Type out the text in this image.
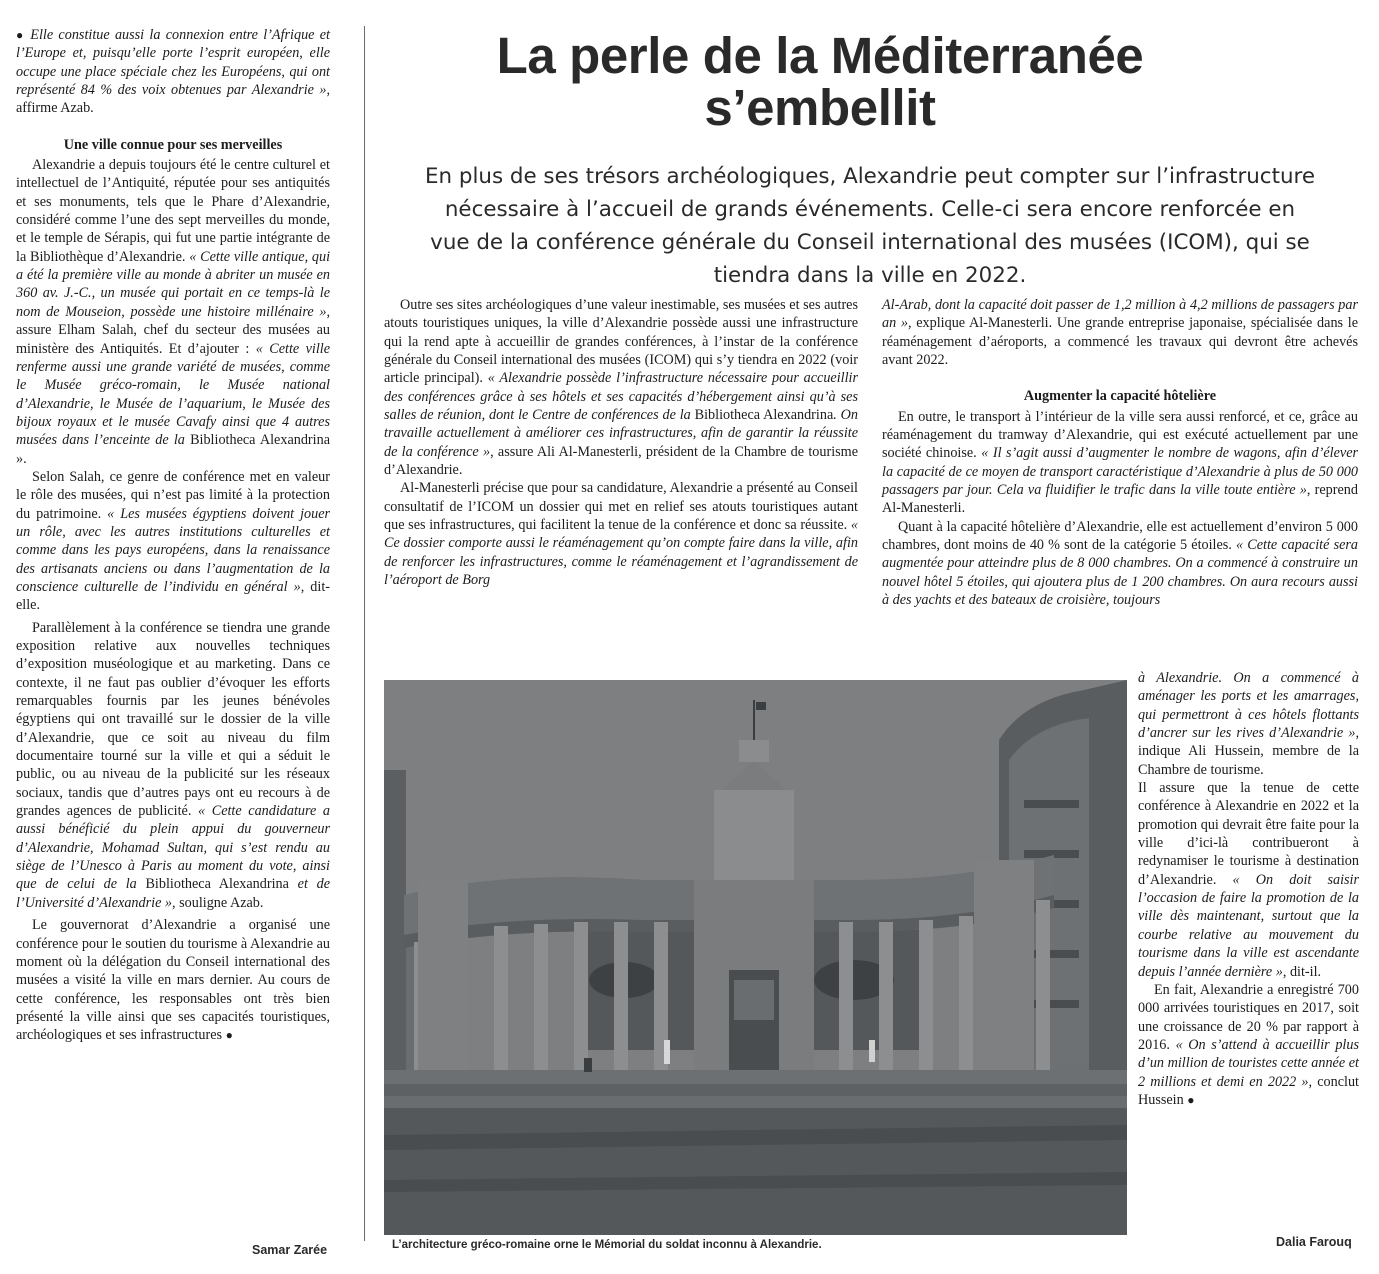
● Elle constitue aussi la connexion entre l’Afrique et l’Europe et, puisqu’elle porte l’esprit européen, elle occupe une place spéciale chez les Européens, qui ont représenté 84 % des voix obtenues par Alexandrie », affirme Azab.

Une ville connue pour ses merveilles

Alexandrie a depuis toujours été le centre culturel et intellectuel de l’Antiquité, réputée pour ses antiquités et ses monuments, tels que le Phare d’Alexandrie, considéré comme l’une des sept merveilles du monde, et le temple de Sérapis, qui fut une partie intégrante de la Bibliothèque d’Alexandrie. « Cette ville antique, qui a été la première ville au monde à abriter un musée en 360 av. J.-C., un musée qui portait en ce temps-là le nom de Mouseion, possède une histoire millénaire », assure Elham Salah, chef du secteur des musées au ministère des Antiquités. Et d’ajouter : « Cette ville renferme aussi une grande variété de musées, comme le Musée gréco-romain, le Musée national d’Alexandrie, le Musée de l’aquarium, le Musée des bijoux royaux et le musée Cavafy ainsi que 4 autres musées dans l’enceinte de la Bibliotheca Alexandrina ».

Selon Salah, ce genre de conférence met en valeur le rôle des musées, qui n’est pas limité à la protection du patrimoine. « Les musées égyptiens doivent jouer un rôle, avec les autres institutions culturelles et comme dans les pays européens, dans la renaissance des artisanats anciens ou dans l’augmentation de la conscience culturelle de l’individu en général », dit-elle.

Parallèlement à la conférence se tiendra une grande exposition relative aux nouvelles techniques d’exposition muséologique et au marketing. Dans ce contexte, il ne faut pas oublier d’évoquer les efforts remarquables fournis par les jeunes bénévoles égyptiens qui ont travaillé sur le dossier de la ville d’Alexandrie, que ce soit au niveau du film documentaire tourné sur la ville et qui a séduit le public, ou au niveau de la publicité sur les réseaux sociaux, tandis que d’autres pays ont eu recours à de grandes agences de publicité. « Cette candidature a aussi bénéficié du plein appui du gouverneur d’Alexandrie, Mohamad Sultan, qui s’est rendu au siège de l’Unesco à Paris au moment du vote, ainsi que de celui de la Bibliotheca Alexandrina et de l’Université d’Alexandrie », souligne Azab.

Le gouvernorat d’Alexandrie a organisé une conférence pour le soutien du tourisme à Alexandrie au moment où la délégation du Conseil international des musées a visité la ville en mars dernier. Au cours de cette conférence, les responsables ont très bien présenté la ville ainsi que ses capacités touristiques, archéologiques et ses infrastructures ●

Samar Zarée
La perle de la Méditerranée
s’embellit
En plus de ses trésors archéologiques, Alexandrie peut compter sur l’infrastructure
nécessaire à l’accueil de grands événements. Celle-ci sera encore renforcée en
vue de la conférence générale du Conseil international des musées (ICOM), qui se
tiendra dans la ville en 2022.

Outre ses sites archéologiques d’une valeur inestimable, ses musées et ses autres atouts touristiques uniques, la ville d’Alexandrie possède aussi une infrastructure qui la rend apte à accueillir de grandes conférences, à l’instar de la conférence générale du Conseil international des musées (ICOM) qui s’y tiendra en 2022 (voir article principal). « Alexandrie possède l’infrastructure nécessaire pour accueillir des conférences grâce à ses hôtels et ses capacités d’hébergement ainsi qu’à ses salles de réunion, dont le Centre de conférences de la Bibliotheca Alexandrina. On travaille actuellement à améliorer ces infrastructures, afin de garantir la réussite de la conférence », assure Ali Al-Manesterli, président de la Chambre de tourisme d’Alexandrie.

Al-Manesterli précise que pour sa candidature, Alexandrie a présenté au Conseil consultatif de l’ICOM un dossier qui met en relief ses atouts touristiques autant que ses infrastructures, qui facilitent la tenue de la conférence et donc sa réussite. « Ce dossier comporte aussi le réaménagement qu’on compte faire dans la ville, afin de renforcer les infrastructures, comme le réaménagement et l’agrandissement de l’aéroport de Borg

Al-Arab, dont la capacité doit passer de 1,2 million à 4,2 millions de passagers par an », explique Al-Manesterli. Une grande entreprise japonaise, spécialisée dans le réaménagement d’aéroports, a commencé les travaux qui devront être achevés avant 2022.

Augmenter la capacité hôtelière

En outre, le transport à l’intérieur de la ville sera aussi renforcé, et ce, grâce au réaménagement du tramway d’Alexandrie, qui est exécuté actuellement par une société chinoise. « Il s’agit aussi d’augmenter le nombre de wagons, afin d’élever la capacité de ce moyen de transport caractéristique d’Alexandrie à plus de 50 000 passagers par jour. Cela va fluidifier le trafic dans la ville toute entière », reprend Al-Manesterli.

Quant à la capacité hôtelière d’Alexandrie, elle est actuellement d’environ 5 000 chambres, dont moins de 40 % sont de la catégorie 5 étoiles. « Cette capacité sera augmentée pour atteindre plus de 8 000 chambres. On a commencé à construire un nouvel hôtel 5 étoiles, qui ajoutera plus de 1 200 chambres. On aura recours aussi à des yachts et des bateaux de croisière, toujours

à Alexandrie. On a commencé à aménager les ports et les amarrages, qui permettront à ces hôtels flottants d’ancrer sur les rives d’Alexandrie », indique Ali Hussein, membre de la Chambre de tourisme.

Il assure que la tenue de cette conférence à Alexandrie en 2022 et la promotion qui devrait être faite pour la ville d’ici-là contribueront à redynamiser le tourisme à destination d’Alexandrie. « On doit saisir l’occasion de faire la promotion de la ville dès maintenant, surtout que la courbe relative au mouvement du tourisme dans la ville est ascendante depuis l’année dernière », dit-il.

En fait, Alexandrie a enregistré 700 000 arrivées touristiques en 2017, soit une croissance de 20 % par rapport à 2016. « On s’attend à accueillir plus d’un million de touristes cette année et 2 millions et demi en 2022 », conclut Hussein ●

Dalia Farouq
L’architecture gréco-romaine orne le Mémorial du soldat inconnu à Alexandrie.
